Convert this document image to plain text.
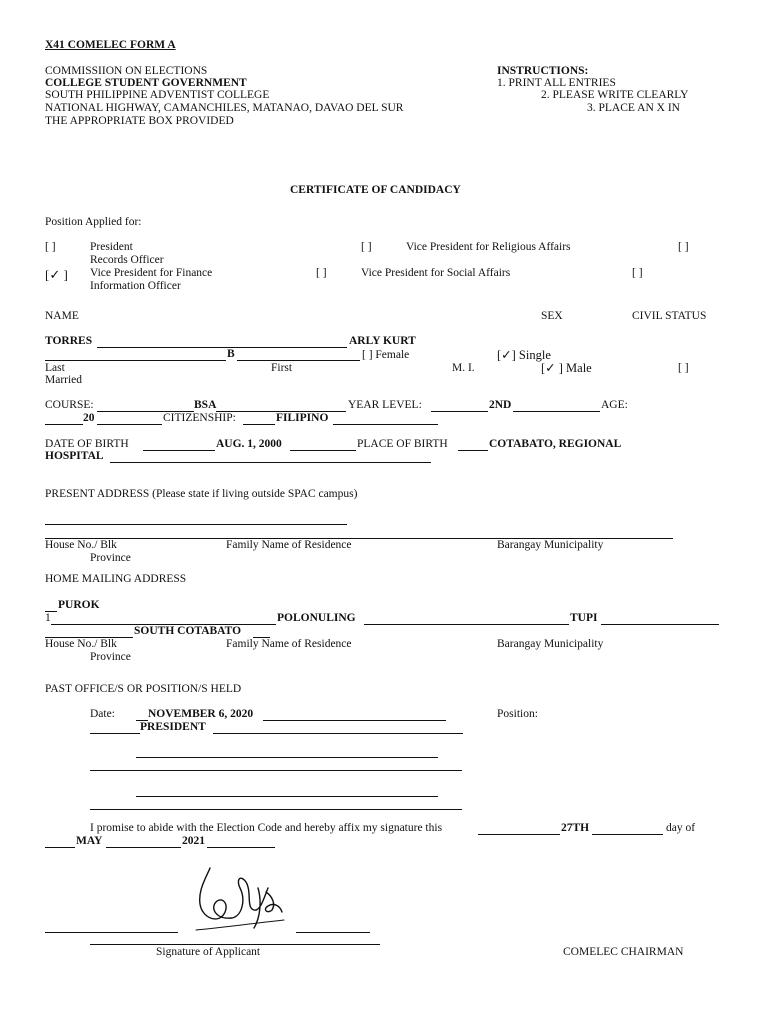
X41 COMELEC FORM A
COMMISSIION ON ELECTIONS
COLLEGE STUDENT GOVERNMENT
SOUTH PHILIPPINE ADVENTIST COLLEGE
NATIONAL HIGHWAY, CAMANCHILES, MATANAO, DAVAO DEL SUR
THE APPROPRIATE BOX PROVIDED
INSTRUCTIONS:
1. PRINT ALL ENTRIES
2. PLEASE WRITE CLEARLY
3. PLACE AN X IN
CERTIFICATE OF CANDIDACY
Position Applied for:
[ ]	President	[ ]	Vice President for Religious Affairs	[ ]
Records Officer
[✓ ] Vice President for Finance	[ ]	Vice President for Social Affairs	[ ]
Information Officer
NAME	SEX	CIVIL STATUS
TORRES	ARLY KURT
B	[ ] Female	[✓] Single
Last	First	M. I.	[✓ ] Male	[ ]
Married
COURSE:	BSA	YEAR LEVEL:	2ND	AGE:
20	CITIZENSHIP:	FILIPINO
DATE OF BIRTH	AUG. 1, 2000	PLACE OF BIRTH	COTABATO, REGIONAL
HOSPITAL
PRESENT ADDRESS (Please state if living outside SPAC campus)
House No./ Blk	Family Name of Residence	Barangay Municipality
Province
HOME MAILING ADDRESS
PUROK
1	POLONULING	TUPI
SOUTH COTABATO
House No./ Blk	Family Name of Residence	Barangay Municipality
Province
PAST OFFICE/S OR POSITION/S HELD
Date:	NOVEMBER 6, 2020	Position:
PRESIDENT
I promise to abide with the Election Code and hereby affix my signature this	27TH	day of
MAY	2021
Signature of Applicant	COMELEC CHAIRMAN
